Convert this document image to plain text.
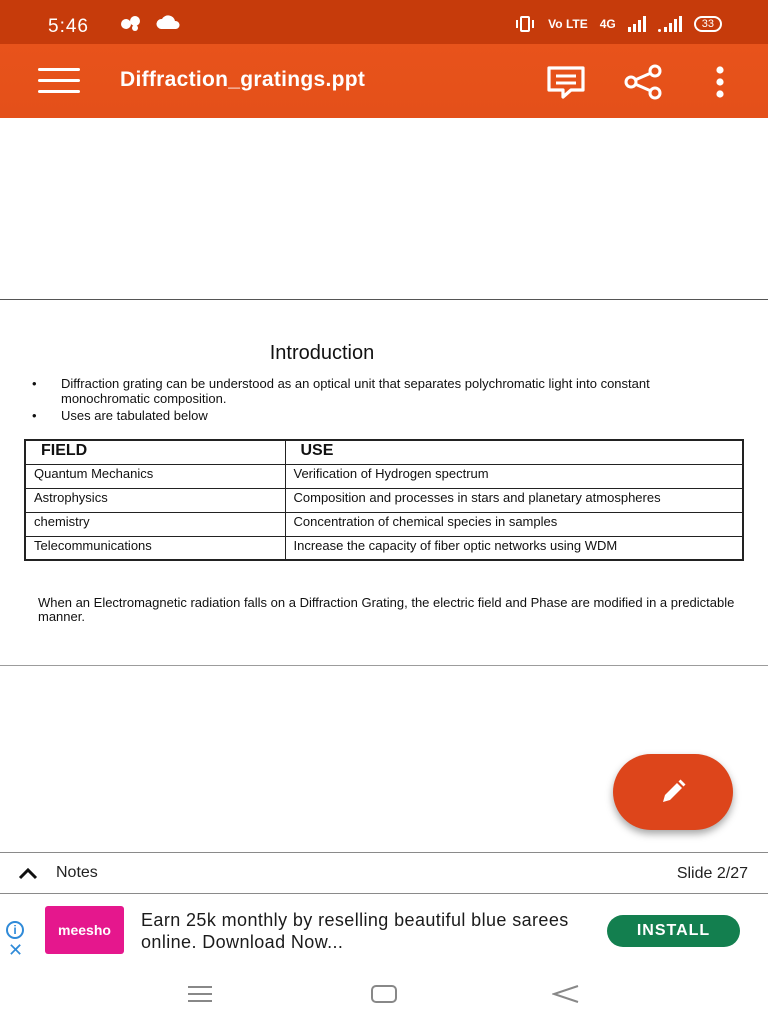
5:46	Vo LTE 4G	33
Diffraction_gratings.ppt
Introduction
• Diffraction grating can be understood as an optical unit that separates polychromatic light into constant monochromatic composition.
• Uses are tabulated below
FIELD	USE
Quantum Mechanics	Verification of Hydrogen spectrum
Astrophysics	Composition and processes in stars and planetary atmospheres
chemistry	Concentration of chemical species in samples
Telecommunications	Increase the capacity of fiber optic networks using WDM
When an Electromagnetic radiation falls on a Diffraction Grating, the electric field and Phase are modified in a predictable manner.
Notes	Slide 2/27
i
✕
meesho	Earn 25k monthly by reselling beautiful blue sarees online. Download Now...
INSTALL
